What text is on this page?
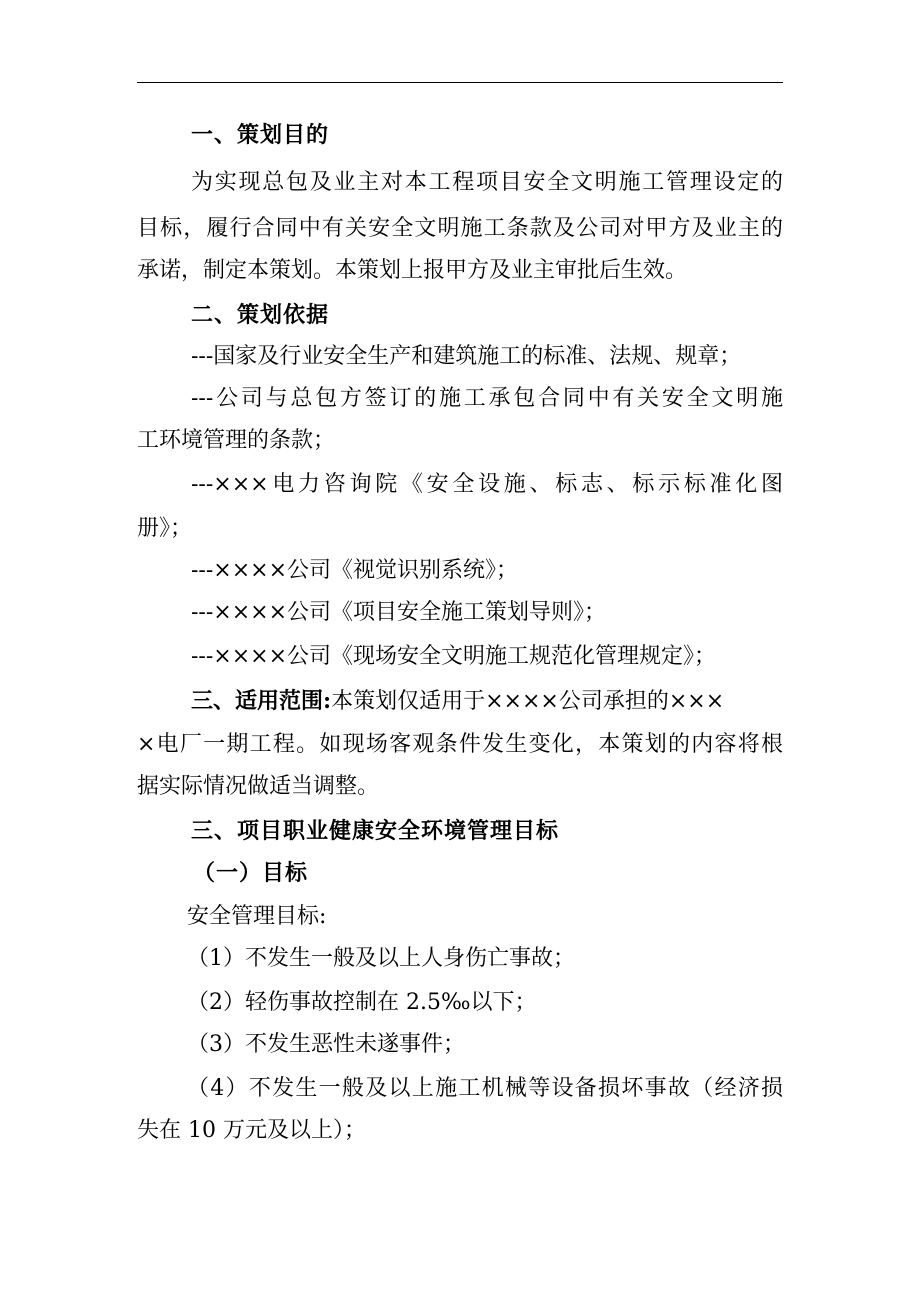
一、策划目的
为实现总包及业主对本工程项目安全文明施工管理设定的
目标，履行合同中有关安全文明施工条款及公司对甲方及业主的
承诺，制定本策划。本策划上报甲方及业主审批后生效。
二、策划依据
---国家及行业安全生产和建筑施工的标准、法规、规章；
---公司与总包方签订的施工承包合同中有关安全文明施
工环境管理的条款；
---×××电力咨询院《安全设施、标志、标示标准化图
册》；
---××××公司《视觉识别系统》；
---××××公司《项目安全施工策划导则》；
---××××公司《现场安全文明施工规范化管理规定》；
三、适用范围:本策划仅适用于××××公司承担的×××
×电厂一期工程。如现场客观条件发生变化，本策划的内容将根
据实际情况做适当调整。
三、项目职业健康安全环境管理目标
（一）目标
安全管理目标:
（1）不发生一般及以上人身伤亡事故；
（2）轻伤事故控制在 2.5‰以下；
（3）不发生恶性未遂事件；
（4）不发生一般及以上施工机械等设备损坏事故（经济损
失在 10 万元及以上）；
